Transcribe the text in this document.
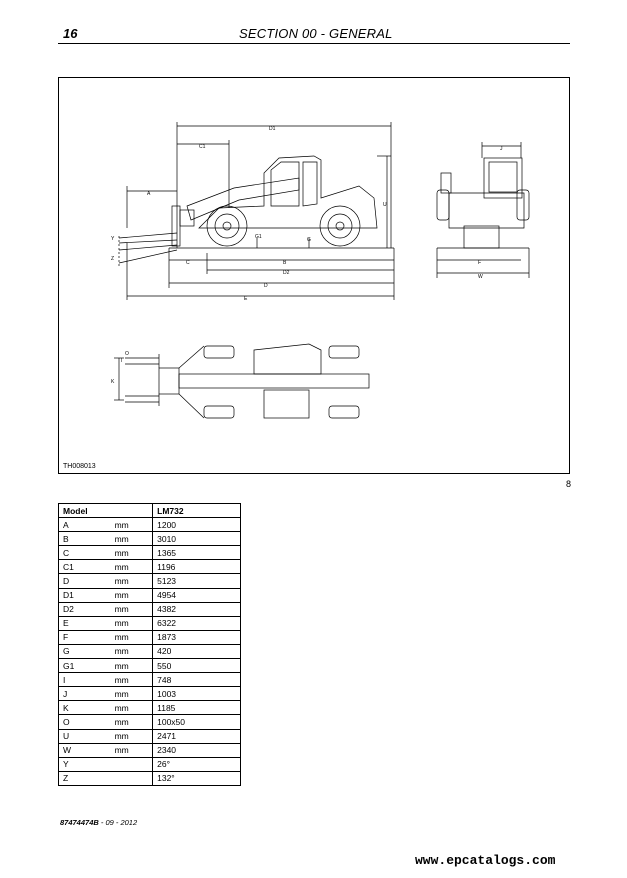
16	SECTION 00 - GENERAL
D1
C1
A
Y
Z
G1	G
C	B
D2
D
E
U
J
F
W
K
O
I
TH008013
8
Model		LM732
A	mm	1200
B	mm	3010
C	mm	1365
C1	mm	1196
D	mm	5123
D1	mm	4954
D2	mm	4382
E	mm	6322
F	mm	1873
G	mm	420
G1	mm	550
I	mm	748
J	mm	1003
K	mm	1185
O	mm	100x50
U	mm	2471
W	mm	2340
Y		26°
Z		132°
87474474B - 09 - 2012
www.epcatalogs.com
